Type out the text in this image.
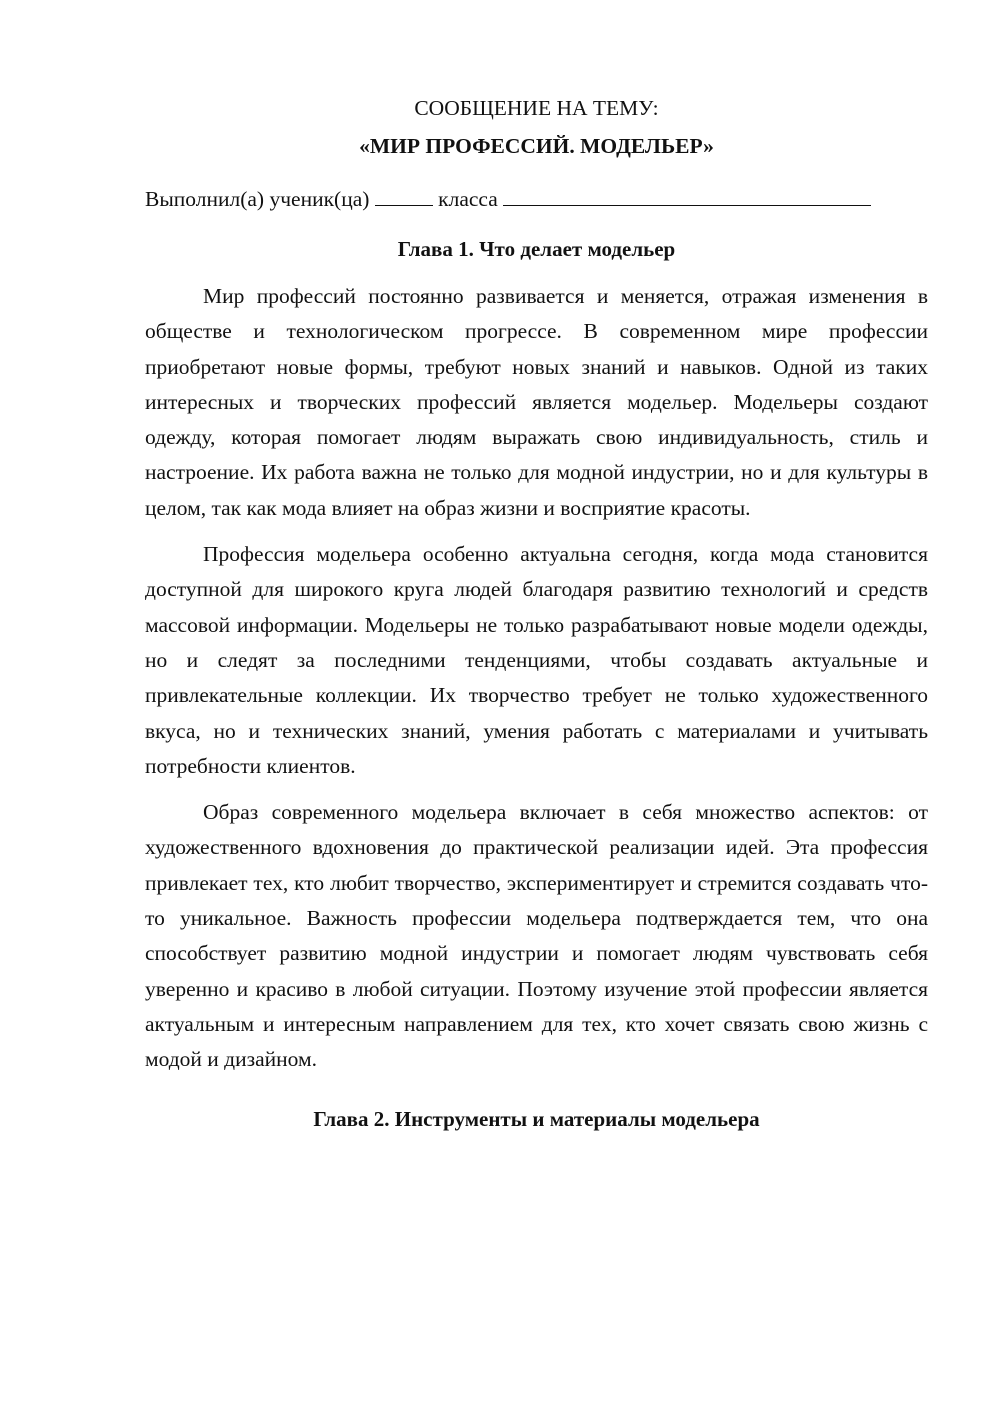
СООБЩЕНИЕ НА ТЕМУ:

«МИР ПРОФЕССИЙ. МОДЕЛЬЕР»

Выполнил(а) ученик(ца)	класса

Глава 1. Что делает модельер

Мир профессий постоянно развивается и меняется, отражая изменения в обществе и технологическом прогрессе. В современном мире профессии приобретают новые формы, требуют новых знаний и навыков. Одной из таких интересных и творческих профессий является модельер. Модельеры создают одежду, которая помогает людям выражать свою индивидуальность, стиль и настроение. Их работа важна не только для модной индустрии, но и для культуры в целом, так как мода влияет на образ жизни и восприятие красоты.

Профессия модельера особенно актуальна сегодня, когда мода становится доступной для широкого круга людей благодаря развитию технологий и средств массовой информации. Модельеры не только разрабатывают новые модели одежды, но и следят за последними тенденциями, чтобы создавать актуальные и привлекательные коллекции. Их творчество требует не только художественного вкуса, но и технических знаний, умения работать с материалами и учитывать потребности клиентов.

Образ современного модельера включает в себя множество аспектов: от художественного вдохновения до практической реализации идей. Эта профессия привлекает тех, кто любит творчество, экспериментирует и стремится создавать что-то уникальное. Важность профессии модельера подтверждается тем, что она способствует развитию модной индустрии и помогает людям чувствовать себя уверенно и красиво в любой ситуации. Поэтому изучение этой профессии является актуальным и интересным направлением для тех, кто хочет связать свою жизнь с модой и дизайном.

Глава 2. Инструменты и материалы модельера
